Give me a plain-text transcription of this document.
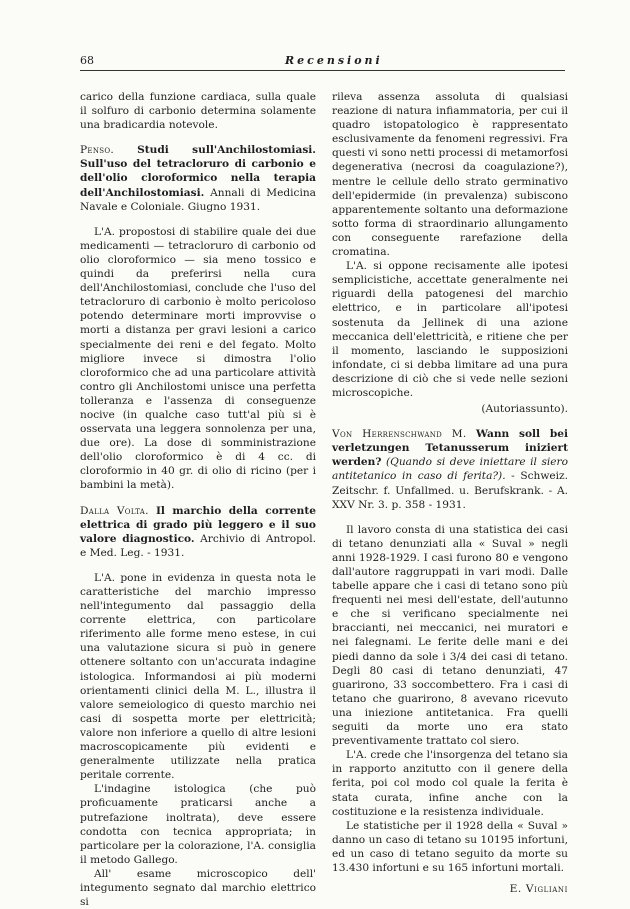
68	Recensioni

carico della funzione cardiaca, sulla quale il solfuro di carbonio determina solamente una bradicardia notevole.

Penso. Studi sull'Anchilostomiasi. Sull'uso del tetracloruro di carbonio e dell'olio cloroformico nella terapia dell'Anchilostomiasi. Annali di Medicina Navale e Coloniale. Giugno 1931.

L'A. propostosi di stabilire quale dei due medicamenti — tetracloruro di carbonio od olio cloroformico — sia meno tossico e quindi da preferirsi nella cura dell'Anchilostomiasi, conclude che l'uso del tetracloruro di carbonio è molto pericoloso potendo determinare morti improvvise o morti a distanza per gravi lesioni a carico specialmente dei reni e del fegato. Molto migliore invece si dimostra l'olio cloroformico che ad una particolare attività contro gli Anchilostomi unisce una perfetta tolleranza e l'assenza di conseguenze nocive (in qualche caso tutt'al più si è osservata una leggera sonnolenza per una, due ore). La dose di somministrazione dell'olio cloroformico è di 4 cc. di cloroformio in 40 gr. di olio di ricino (per i bambini la metà).

Dalla Volta. Il marchio della corrente elettrica di grado più leggero e il suo valore diagnostico. Archivio di Antropol. e Med. Leg. - 1931.

L'A. pone in evidenza in questa nota le caratteristiche del marchio impresso nell'integumento dal passaggio della corrente elettrica, con particolare riferimento alle forme meno estese, in cui una valutazione sicura si può in genere ottenere soltanto con un'accurata indagine istologica. Informandosi ai più moderni orientamenti clinici della M. L., illustra il valore semeiologico di questo marchio nei casi di sospetta morte per elettricità; valore non inferiore a quello di altre lesioni macroscopicamente più evidenti e generalmente utilizzate nella pratica peritale corrente.

L'indagine istologica (che può proficuamente praticarsi anche a putrefazione inoltrata), deve essere condotta con tecnica appropriata; in particolare per la colorazione, l'A. consiglia il metodo Gallego.

All' esame microscopico dell' integumento segnato dal marchio elettrico si

rileva assenza assoluta di qualsiasi reazione di natura infiammatoria, per cui il quadro istopatologico è rappresentato esclusivamente da fenomeni regressivi. Fra questi vi sono netti processi di metamorfosi degenerativa (necrosi da coagulazione?), mentre le cellule dello strato germinativo dell'epidermide (in prevalenza) subiscono apparentemente soltanto una deformazione sotto forma di straordinario allungamento con conseguente rarefazione della cromatina.

L'A. si oppone recisamente alle ipotesi semplicistiche, accettate generalmente nei riguardi della patogenesi del marchio elettrico, e in particolare all'ipotesi sostenuta da Jellinek di una azione meccanica dell'elettricità, e ritiene che per il momento, lasciando le supposizioni infondate, ci si debba limitare ad una pura descrizione di ciò che si vede nelle sezioni microscopiche.

(Autoriassunto).

Von Herrenschwand M. Wann soll bei verletzungen Tetanusserum iniziert werden? (Quando si deve iniettare il siero antitetanico in caso di ferita?). - Schweiz. Zeitschr. f. Unfallmed. u. Berufskrank. - A. XXV Nr. 3. p. 358 - 1931.

Il lavoro consta di una statistica dei casi di tetano denunziati alla « Suval » negli anni 1928-1929. I casi furono 80 e vengono dall'autore raggruppati in vari modi. Dalle tabelle appare che i casi di tetano sono più frequenti nei mesi dell'estate, dell'autunno e che si verificano specialmente nei braccianti, nei meccanici, nei muratori e nei falegnami. Le ferite delle mani e dei piedi danno da sole i 3/4 dei casi di tetano. Degli 80 casi di tetano denunziati, 47 guarirono, 33 soccombettero. Fra i casi di tetano che guarirono, 8 avevano ricevuto una iniezione antitetanica. Fra quelli seguiti da morte uno era stato preventivamente trattato col siero.

L'A. crede che l'insorgenza del tetano sia in rapporto anzitutto con il genere della ferita, poi col modo col quale la ferita è stata curata, infine anche con la costituzione e la resistenza individuale.

Le statistiche per il 1928 della « Suval » danno un caso di tetano su 10195 infortuni, ed un caso di tetano seguito da morte su 13.430 infortuni e su 165 infortuni mortali.

E. Vigliani
